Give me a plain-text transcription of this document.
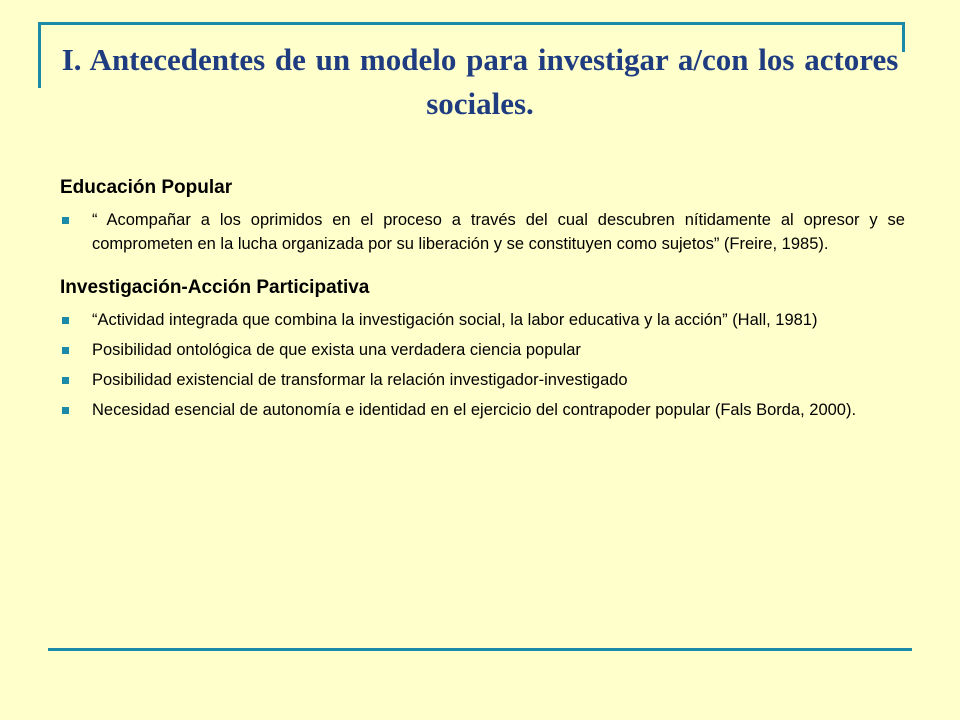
I. Antecedentes de un modelo para investigar a/con los actores sociales.
Educación Popular
“ Acompañar a los oprimidos en el proceso a través del cual descubren nítidamente al opresor y se comprometen en la lucha organizada por su liberación y se constituyen como sujetos” (Freire, 1985).
Investigación-Acción Participativa
“Actividad integrada que combina la investigación social, la labor educativa y la acción” (Hall, 1981)
Posibilidad ontológica de que exista una verdadera ciencia popular
Posibilidad existencial de transformar la relación investigador-investigado
Necesidad esencial de autonomía e identidad en el ejercicio del contrapoder popular (Fals Borda, 2000).
